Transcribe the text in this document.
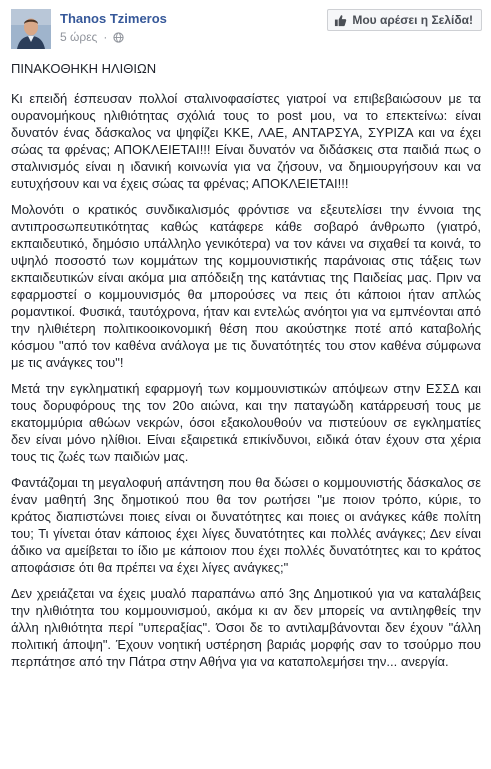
Thanos Tzimeros
5 ώρες ·
Μου αρέσει η Σελίδα!
ΠΙΝΑΚΟΘΗΚΗ ΗΛΙΘΙΩΝ

Κι επειδή έσπευσαν πολλοί σταλινοφασίστες γιατροί να επιβεβαιώσουν με τα ουρανομήκους ηλιθιότητας σχόλιά τους το post μου, να το επεκτείνω: είναι δυνατόν ένας δάσκαλος να ψηφίζει ΚΚΕ, ΛΑΕ, ΑΝΤΑΡΣΥΑ, ΣΥΡΙΖΑ και να έχει σώας τα φρένας; ΑΠΟΚΛΕΙΕΤΑΙ!!! Είναι δυνατόν να διδάσκεις στα παιδιά πως ο σταλινισμός είναι η ιδανική κοινωνία για να ζήσουν, να δημιουργήσουν και να ευτυχήσουν και να έχεις σώας τα φρένας; ΑΠΟΚΛΕΙΕΤΑΙ!!!

Μολονότι ο κρατικός συνδικαλισμός φρόντισε να εξευτελίσει την έννοια της αντιπροσωπευτικότητας καθώς κατάφερε κάθε σοβαρό άνθρωπο (γιατρό, εκπαιδευτικό, δημόσιο υπάλληλο γενικότερα) να τον κάνει να σιχαθεί τα κοινά, το υψηλό ποσοστό των κομμάτων της κομμουνιστικής παράνοιας στις τάξεις των εκπαιδευτικών είναι ακόμα μια απόδειξη της κατάντιας της Παιδείας μας. Πριν να εφαρμοστεί ο κομμουνισμός θα μπορούσες να πεις ότι κάποιοι ήταν απλώς ρομαντικοί. Φυσικά, ταυτόχρονα, ήταν και εντελώς ανόητοι για να εμπνέονται από την ηλιθιέτερη πολιτικοοικονομική θέση που ακούστηκε ποτέ από καταβολής κόσμου "από τον καθένα ανάλογα με τις δυνατότητές του στον καθένα σύμφωνα με τις ανάγκες του"!

Μετά την εγκληματική εφαρμογή των κομμουνιστικών απόψεων στην ΕΣΣΔ και τους δορυφόρους της τον 20ο αιώνα, και την παταγώδη κατάρρευσή τους με εκατομμύρια αθώων νεκρών, όσοι εξακολουθούν να πιστεύουν σε εγκληματίες δεν είναι μόνο ηλίθιοι. Είναι εξαιρετικά επικίνδυνοι, ειδικά όταν έχουν στα χέρια τους τις ζωές των παιδιών μας.

Φαντάζομαι τη μεγαλοφυή απάντηση που θα δώσει ο κομμουνιστής δάσκαλος σε έναν μαθητή 3ης δημοτικού που θα τον ρωτήσει "με ποιον τρόπο, κύριε, το κράτος διαπιστώνει ποιες είναι οι δυνατότητες και ποιες οι ανάγκες κάθε πολίτη του; Τι γίνεται όταν κάποιος έχει λίγες δυνατότητες και πολλές ανάγκες; Δεν είναι άδικο να αμείβεται το ίδιο με κάποιον που έχει πολλές δυνατότητες και το κράτος αποφάσισε ότι θα πρέπει να έχει λίγες ανάγκες;"

Δεν χρειάζεται να έχεις μυαλό παραπάνω από 3ης Δημοτικού για να καταλάβεις την ηλιθιότητα του κομμουνισμού, ακόμα κι αν δεν μπορείς να αντιληφθείς την άλλη ηλιθιότητα περί "υπεραξίας". Όσοι δε το αντιλαμβάνονται δεν έχουν "άλλη πολιτική άποψη". Έχουν νοητική υστέρηση βαριάς μορφής σαν το τσούρμο που περπάτησε από την Πάτρα στην Αθήνα για να καταπολεμήσει την... ανεργία.
